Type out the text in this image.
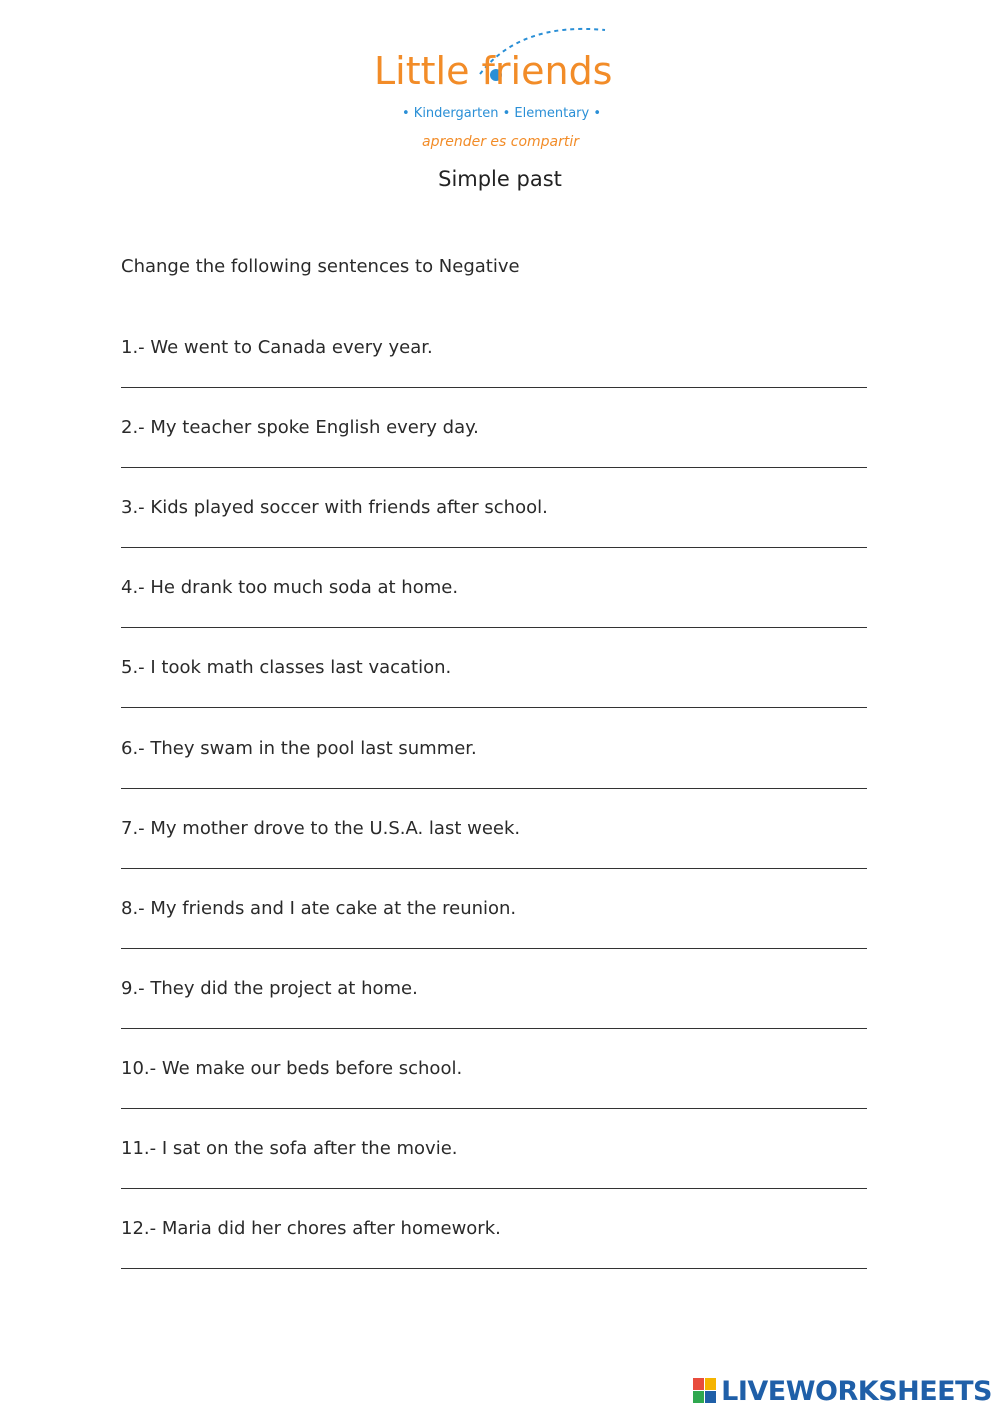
Little friends
• Kindergarten • Elementary •
aprender es compartir
Simple past
Change the following sentences to Negative
1.- We went to Canada every year.
2.- My teacher spoke English every day.
3.- Kids played soccer with friends after school.
4.- He drank too much soda at home.
5.- I took math classes last vacation.
6.- They swam in the pool last summer.
7.- My mother drove to the U.S.A. last week.
8.- My friends and I ate cake at the reunion.
9.- They did the project at home.
10.- We make our beds before school.
11.- I sat on the sofa after the movie.
12.- Maria did her chores after homework.
LIVEWORKSHEETS
